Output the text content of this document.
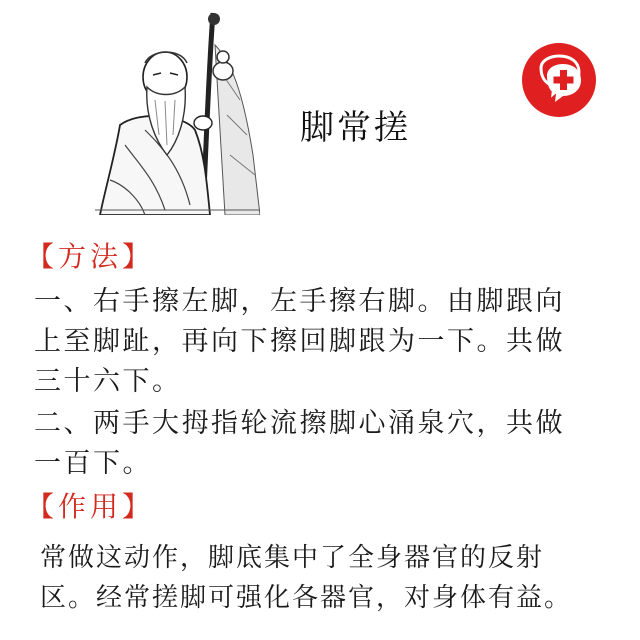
脚常搓
【方法】
一、右手擦左脚，左手擦右脚。由脚跟向
上至脚趾，再向下擦回脚跟为一下。共做
三十六下。
二、两手大拇指轮流擦脚心涌泉穴，共做
一百下。
【作用】
常做这动作，脚底集中了全身器官的反射
区。经常搓脚可强化各器官，对身体有益。
